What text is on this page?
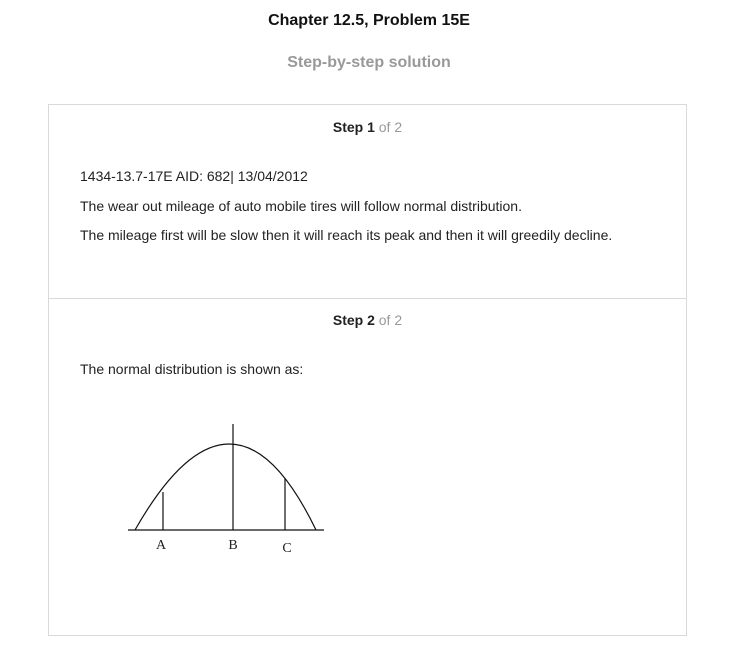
Chapter 12.5, Problem 15E
Step-by-step solution
Step 1 of 2
1434-13.7-17E AID: 682| 13/04/2012
The wear out mileage of auto mobile tires will follow normal distribution.
The mileage first will be slow then it will reach its peak and then it will greedily decline.
Step 2 of 2
The normal distribution is shown as:
A	B	C
